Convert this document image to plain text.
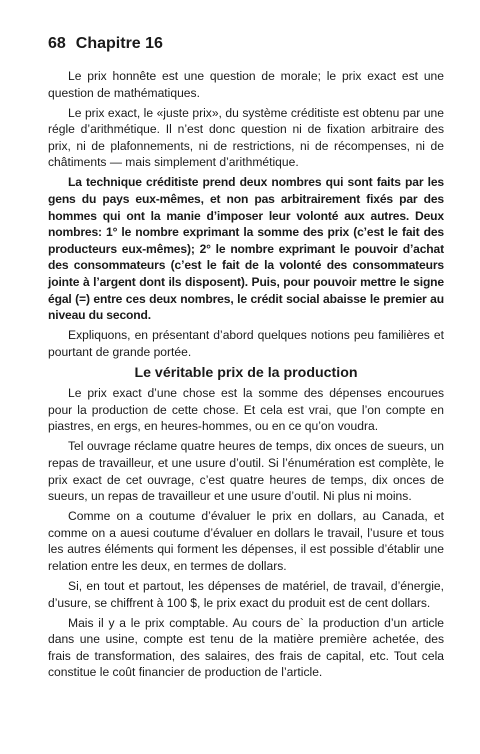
68 Chapitre 16

Le prix honnête est une question de morale; le prix exact est une question de mathématiques.

Le prix exact, le «juste prix», du système créditiste est obtenu par une régle d’arithmétique. Il n’est donc question ni de fixation arbitraire des prix, ni de plafonnements, ni de restrictions, ni de récompenses, ni de châtiments — mais simplement d’arithmétique.

La technique créditiste prend deux nombres qui sont faits par les gens du pays eux-mêmes, et non pas arbitrairement fixés par des hommes qui ont la manie d’imposer leur volonté aux autres. Deux nombres: 1° le nombre exprimant la somme des prix (c’est le fait des producteurs eux-mêmes); 2° le nombre exprimant le pouvoir d’achat des consommateurs (c’est le fait de la volonté des consommateurs jointe à l’argent dont ils disposent). Puis, pour pouvoir mettre le signe égal (=) entre ces deux nombres, le crédit social abaisse le premier au niveau du second.

Expliquons, en présentant d’abord quelques notions peu familières et pourtant de grande portée.

Le véritable prix de la production

Le prix exact d’une chose est la somme des dépenses encourues pour la production de cette chose. Et cela est vrai, que l’on compte en piastres, en ergs, en heures-hommes, ou en ce qu’on voudra.

Tel ouvrage réclame quatre heures de temps, dix onces de sueurs, un repas de travailleur, et une usure d’outil. Si l’énumération est complète, le prix exact de cet ouvrage, c’est quatre heures de temps, dix onces de sueurs, un repas de travailleur et une usure d’outil. Ni plus ni moins.

Comme on a coutume d’évaluer le prix en dollars, au Canada, et comme on a auesi coutume d’évaluer en dollars le travail, l’usure et tous les autres éléments qui forment les dépenses, il est possible d’établir une relation entre les deux, en termes de dollars.

Si, en tout et partout, les dépenses de matériel, de travail, d’énergie, d’usure, se chiffrent à 100 $, le prix exact du produit est de cent dollars.

Mais il y a le prix comptable. Au cours de` la production d’un article dans une usine, compte est tenu de la matière première achetée, des frais de transformation, des salaires, des frais de capital, etc. Tout cela constitue le coût financier de production de l’article.
